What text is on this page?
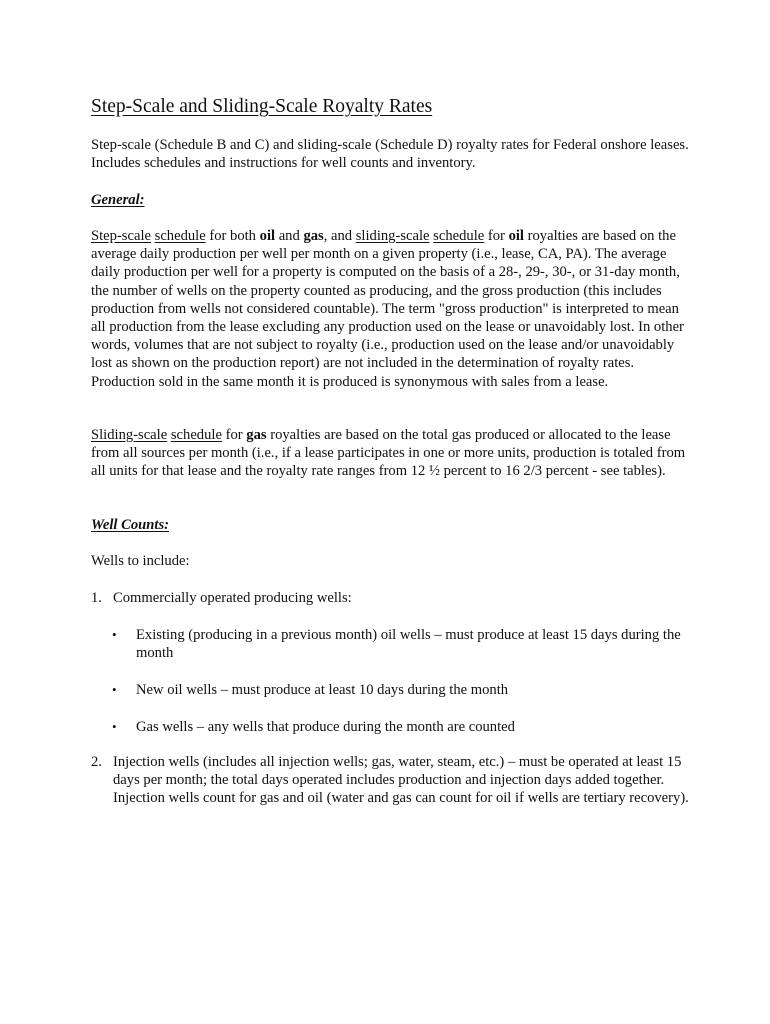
Step-Scale and Sliding-Scale Royalty Rates

Step-scale (Schedule B and C) and sliding-scale (Schedule D) royalty rates for Federal onshore leases. Includes schedules and instructions for well counts and inventory.

General:

Step-scale schedule for both oil and gas, and sliding-scale schedule for oil royalties are based on the average daily production per well per month on a given property (i.e., lease, CA, PA). The average daily production per well for a property is computed on the basis of a 28-, 29-, 30-, or 31-day month, the number of wells on the property counted as producing, and the gross production (this includes production from wells not considered countable). The term "gross production" is interpreted to mean all production from the lease excluding any production used on the lease or unavoidably lost. In other words, volumes that are not subject to royalty (i.e., production used on the lease and/or unavoidably lost as shown on the production report) are not included in the determination of royalty rates. Production sold in the same month it is produced is synonymous with sales from a lease.

Sliding-scale schedule for gas royalties are based on the total gas produced or allocated to the lease from all sources per month (i.e., if a lease participates in one or more units, production is totaled from all units for that lease and the royalty rate ranges from 12 ½ percent to 16 2/3 percent - see tables).

Well Counts:

Wells to include:

1. Commercially operated producing wells:
• Existing (producing in a previous month) oil wells – must produce at least 15 days during the month
• New oil wells – must produce at least 10 days during the month
• Gas wells – any wells that produce during the month are counted
2. Injection wells (includes all injection wells; gas, water, steam, etc.) – must be operated at least 15 days per month; the total days operated includes production and injection days added together. Injection wells count for gas and oil (water and gas can count for oil if wells are tertiary recovery).
